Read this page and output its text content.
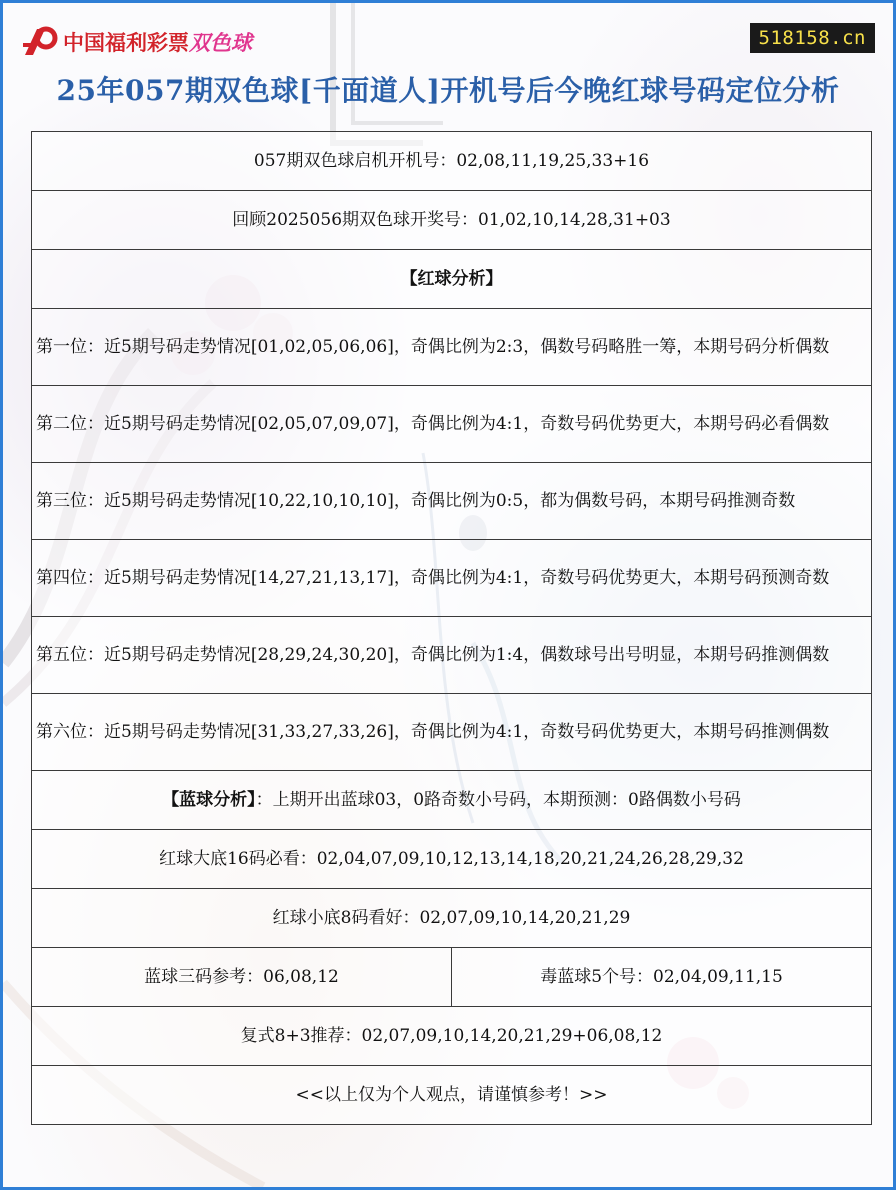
中国福利彩票双色球	518158.cn
25年057期双色球[千面道人]开机号后今晚红球号码定位分析
057期双色球启机开机号：02,08,11,19,25,33+16
回顾2025056期双色球开奖号：01,02,10,14,28,31+03
【红球分析】
第一位：近5期号码走势情况[01,02,05,06,06]，奇偶比例为2:3，偶数号码略胜一筹，本期号码分析偶数
第二位：近5期号码走势情况[02,05,07,09,07]，奇偶比例为4:1，奇数号码优势更大，本期号码必看偶数
第三位：近5期号码走势情况[10,22,10,10,10]，奇偶比例为0:5，都为偶数号码，本期号码推测奇数
第四位：近5期号码走势情况[14,27,21,13,17]，奇偶比例为4:1，奇数号码优势更大，本期号码预测奇数
第五位：近5期号码走势情况[28,29,24,30,20]，奇偶比例为1:4，偶数球号出号明显，本期号码推测偶数
第六位：近5期号码走势情况[31,33,27,33,26]，奇偶比例为4:1，奇数号码优势更大，本期号码推测偶数
【蓝球分析】：上期开出蓝球03，0路奇数小号码，本期预测：0路偶数小号码
红球大底16码必看：02,04,07,09,10,12,13,14,18,20,21,24,26,28,29,32
红球小底8码看好：02,07,09,10,14,20,21,29
蓝球三码参考：06,08,12	毒蓝球5个号：02,04,09,11,15
复式8+3推荐：02,07,09,10,14,20,21,29+06,08,12
<<以上仅为个人观点，请谨慎参考！>>
